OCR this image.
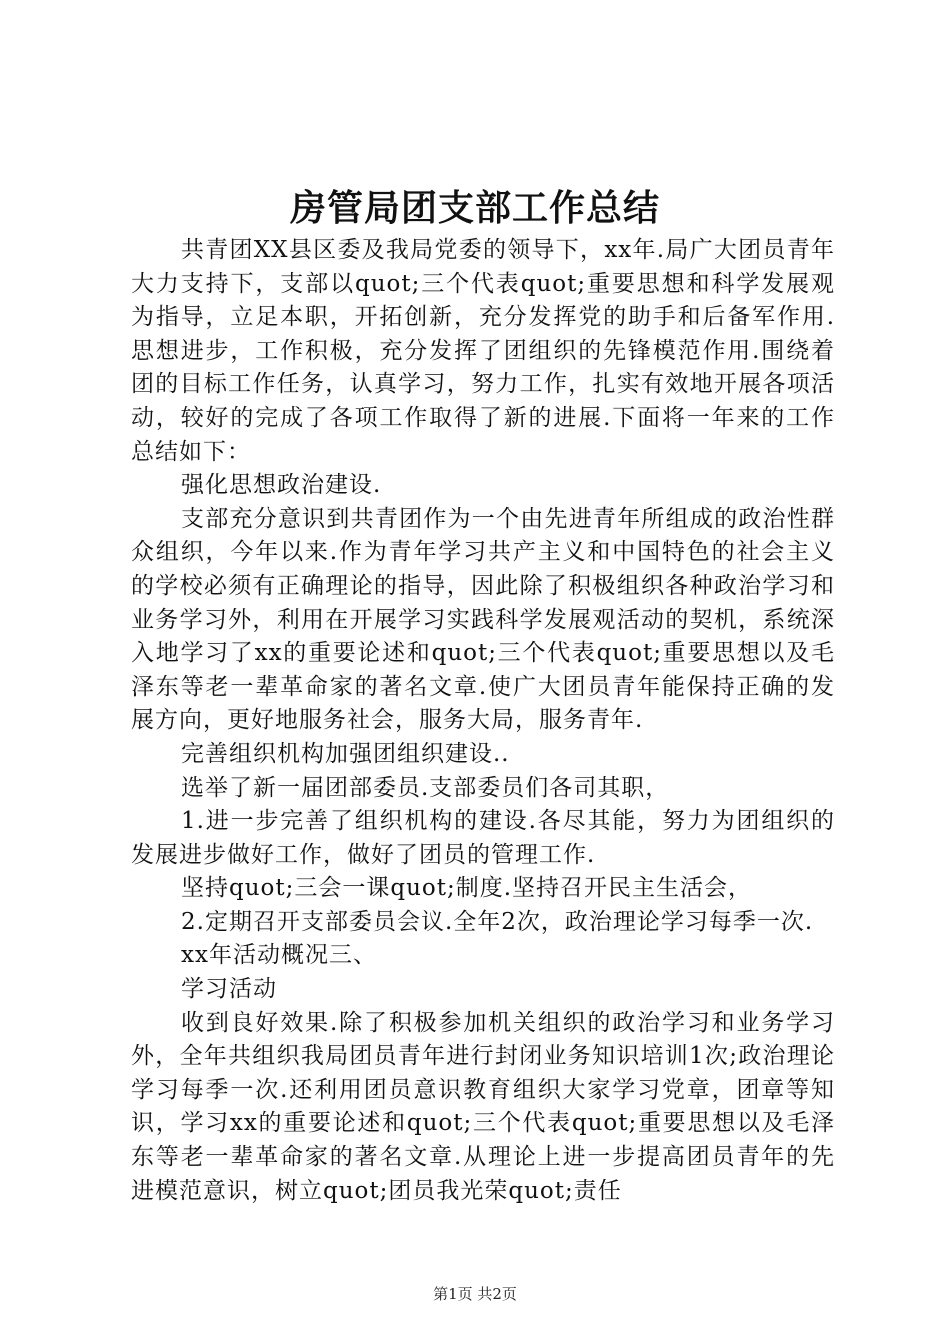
房管局团支部工作总结

共青团XX县区委及我局党委的领导下，xx年.局广大团员青年大力支持下，支部以quot;三个代表quot;重要思想和科学发展观为指导，立足本职，开拓创新，充分发挥党的助手和后备军作用.思想进步，工作积极，充分发挥了团组织的先锋模范作用.围绕着团的目标工作任务，认真学习，努力工作，扎实有效地开展各项活动，较好的完成了各项工作取得了新的进展.下面将一年来的工作总结如下：

强化思想政治建设.

支部充分意识到共青团作为一个由先进青年所组成的政治性群众组织，今年以来.作为青年学习共产主义和中国特色的社会主义的学校必须有正确理论的指导，因此除了积极组织各种政治学习和业务学习外，利用在开展学习实践科学发展观活动的契机，系统深入地学习了xx的重要论述和quot;三个代表quot;重要思想以及毛泽东等老一辈革命家的著名文章.使广大团员青年能保持正确的发展方向，更好地服务社会，服务大局，服务青年.

完善组织机构加强团组织建设..

选举了新一届团部委员.支部委员们各司其职，

1.进一步完善了组织机构的建设.各尽其能，努力为团组织的发展进步做好工作，做好了团员的管理工作.

坚持quot;三会一课quot;制度.坚持召开民主生活会，

2.定期召开支部委员会议.全年2次，政治理论学习每季一次.

xx年活动概况三、

学习活动

收到良好效果.除了积极参加机关组织的政治学习和业务学习外，全年共组织我局团员青年进行封闭业务知识培训1次;政治理论学习每季一次.还利用团员意识教育组织大家学习党章，团章等知识，学习xx的重要论述和quot;三个代表quot;重要思想以及毛泽东等老一辈革命家的著名文章.从理论上进一步提高团员青年的先进模范意识，树立quot;团员我光荣quot;责任

第1页 共2页
